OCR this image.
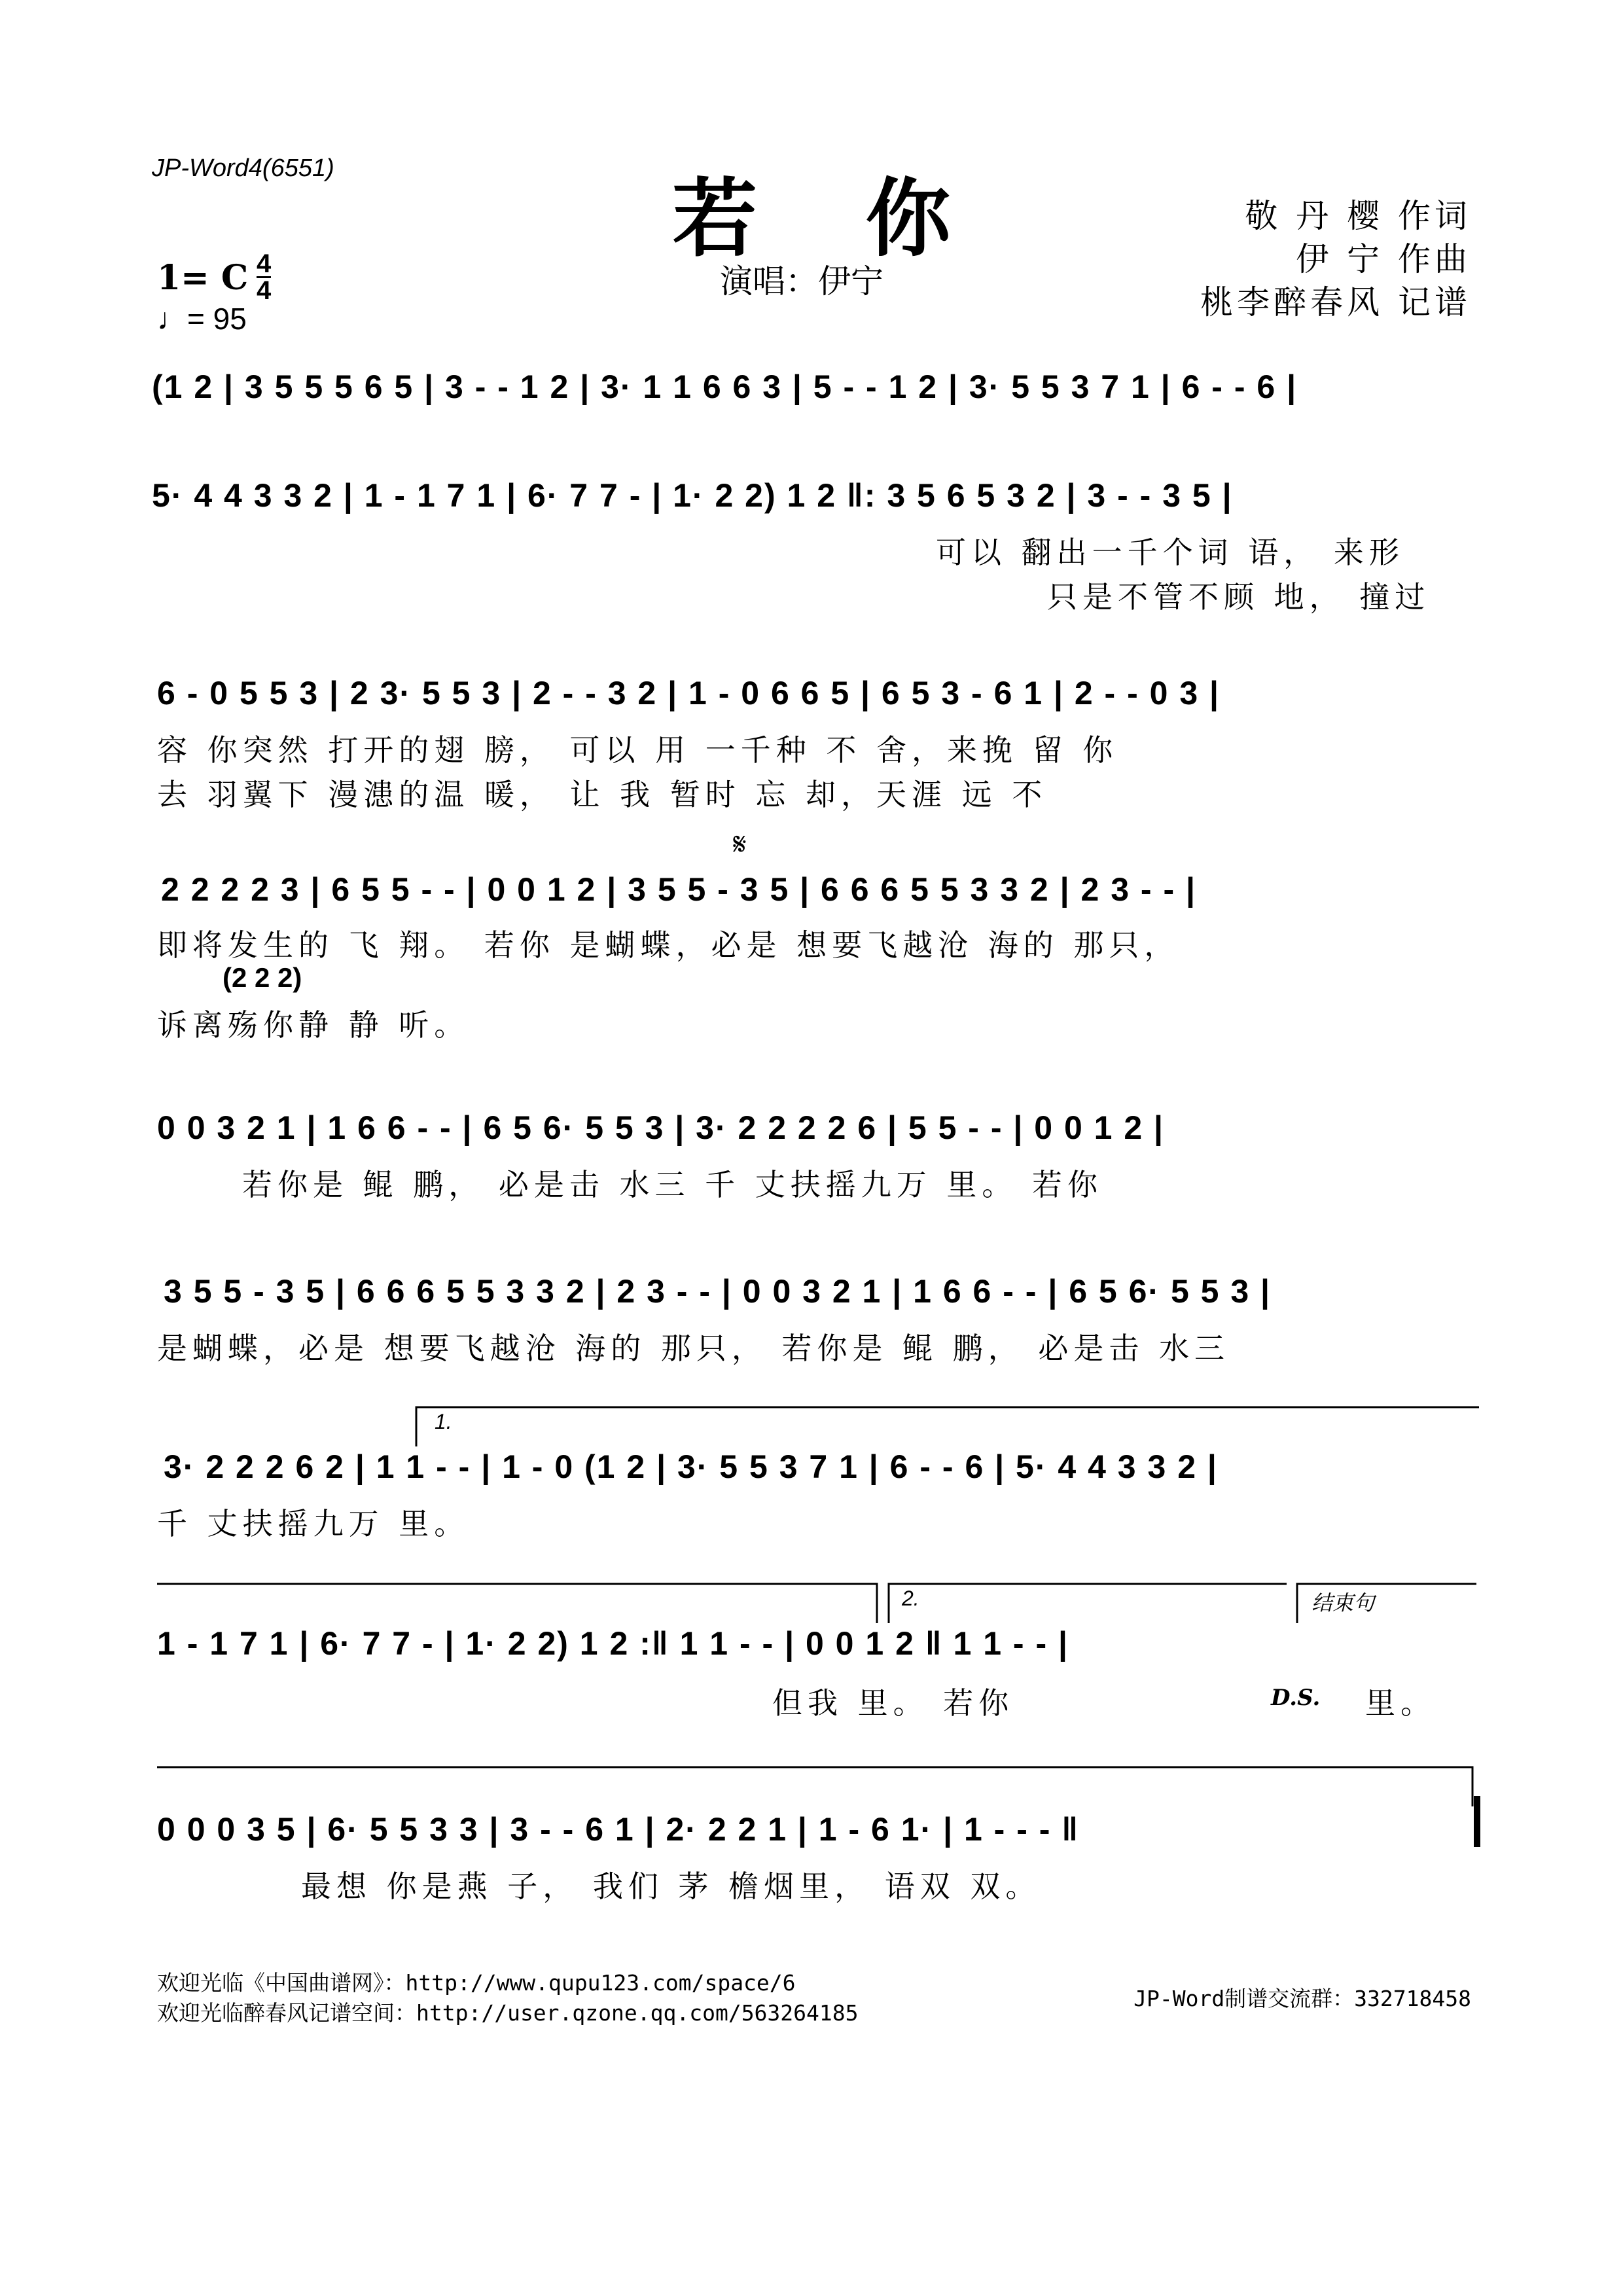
JP-Word4(6551)	若 你
演唱：伊宁
敬 丹 樱 作词
伊 宁 作曲
桃李醉春风 记谱
1= C $\frac{4}{4}$
♩= 95
(1 2 | 3 5 5 5 6 5 | 3 - - 1 2 | 3· 1 1 6 6 3 | 5 - - 1 2 | 3· 5 5 3 7 1 | 6 - - 6 |
5· 4 4 3 3 2 | 1 - 1 7 1 | 6· 7 7 - | 1· 2 2) 1 2 ‖: 3 5 6 5 3 2 | 3 - - 3 5 |
可以 翻出一千个词 语， 来形
只是不管不顾 地， 撞过
6 - 0 5 5 3 | 2 3· 5 5 3 | 2 - - 3 2 | 1 - 0 6 6 5 | 6 5 3 - 6 1 | 2 - - 0 3 |
容 你突然 打开的翅 膀， 可以 用 一千种 不 舍，来挽 留 你
去 羽翼下 漫漶的温 暖， 让 我 暂时 忘 却，天涯 远 不
𝄋
2 2 2 2 3 | 6 5 5 - - | 0 0 1 2 | 3 5 5 - 3 5 | 6 6 6 5 5 3 3 2 | 2 3 - - |
即将发生的 飞 翔。 若你 是蝴蝶，必是 想要飞越沧 海的 那只，
(2 2 2)
诉离殇你静 静 听。
0 0 3 2 1 | 1 6 6 - - | 6 5 6· 5 5 3 | 3· 2 2 2 2 6 | 5 5 - - | 0 0 1 2 |
若你是 鲲 鹏， 必是击 水三 千 丈扶摇九万 里。 若你
3 5 5 - 3 5 | 6 6 6 5 5 3 3 2 | 2 3 - - | 0 0 3 2 1 | 1 6 6 - - | 6 5 6· 5 5 3 |
是蝴蝶，必是 想要飞越沧 海的 那只， 若你是 鲲 鹏， 必是击 水三
1.
3· 2 2 2 6 2 | 1 1 - - | 1 - 0 (1 2 | 3· 5 5 3 7 1 | 6 - - 6 | 5· 4 4 3 3 2 |
千 丈扶摇九万 里。
2.	结束句
1 - 1 7 1 | 6· 7 7 - | 1· 2 2) 1 2 :‖ 1 1 - - | 0 0 1 2 ‖ 1 1 - - |
但我 里。 若你	D.S. 里。
0 0 0 3 5 | 6· 5 5 3 3 | 3 - - 6 1 | 2· 2 2 1 | 1 - 6 1· | 1 - - - ‖
最想 你是燕 子， 我们 茅 檐烟里， 语双 双。
欢迎光临《中国曲谱网》：http://www.qupu123.com/space/6
欢迎光临醉春风记谱空间：http://user.qzone.qq.com/563264185
JP-Word制谱交流群：332718458
